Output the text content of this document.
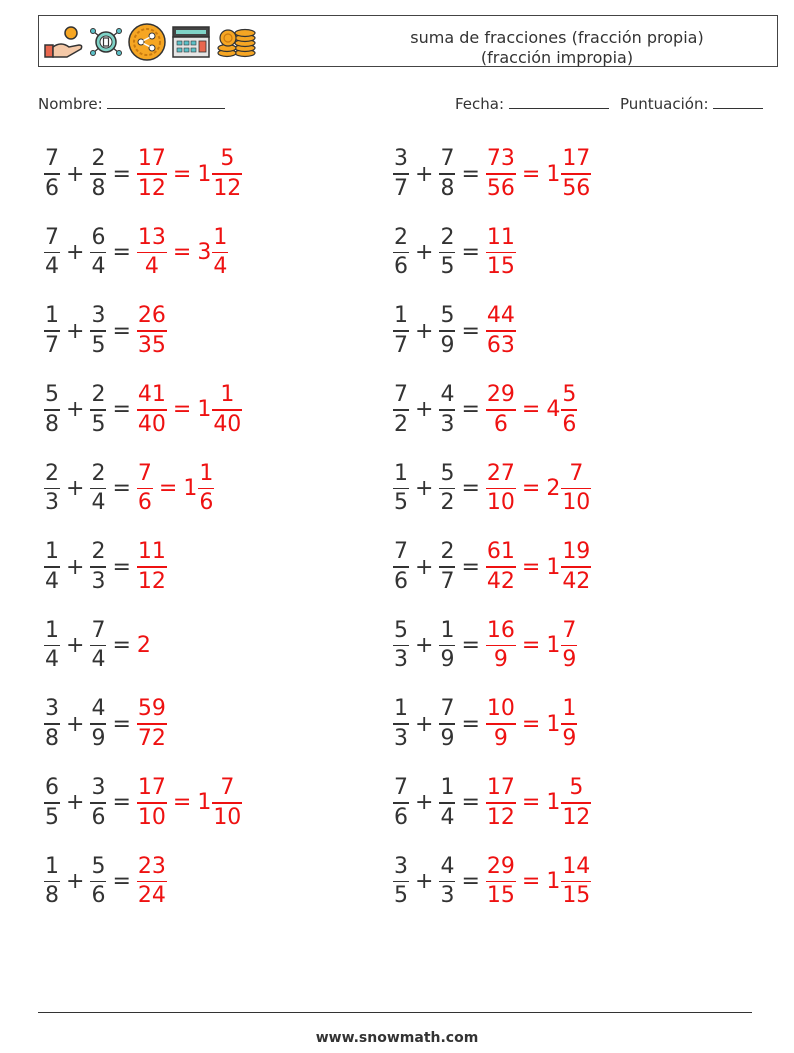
suma de fracciones (fracción propia)
(fracción impropia)
Nombre:	Fecha:	Puntuación:
$\frac{7}{6} + \frac{2}{8} = \frac{17}{12} = 1 \frac{5}{12}$	$\frac{3}{7} + \frac{7}{8} = \frac{73}{56} = 1 \frac{17}{56}$
$\frac{7}{4} + \frac{6}{4} = \frac{13}{4} = 3 \frac{1}{4}$	$\frac{2}{6} + \frac{2}{5} = \frac{11}{15}$
$\frac{1}{7} + \frac{3}{5} = \frac{26}{35}$	$\frac{1}{7} + \frac{5}{9} = \frac{44}{63}$
$\frac{5}{8} + \frac{2}{5} = \frac{41}{40} = 1 \frac{1}{40}$	$\frac{7}{2} + \frac{4}{3} = \frac{29}{6} = 4 \frac{5}{6}$
$\frac{2}{3} + \frac{2}{4} = \frac{7}{6} = 1 \frac{1}{6}$	$\frac{1}{5} + \frac{5}{2} = \frac{27}{10} = 2 \frac{7}{10}$
$\frac{1}{4} + \frac{2}{3} = \frac{11}{12}$	$\frac{7}{6} + \frac{2}{7} = \frac{61}{42} = 1 \frac{19}{42}$
$\frac{1}{4} + \frac{7}{4} = 2$	$\frac{5}{3} + \frac{1}{9} = \frac{16}{9} = 1 \frac{7}{9}$
$\frac{3}{8} + \frac{4}{9} = \frac{59}{72}$	$\frac{1}{3} + \frac{7}{9} = \frac{10}{9} = 1 \frac{1}{9}$
$\frac{6}{5} + \frac{3}{6} = \frac{17}{10} = 1 \frac{7}{10}$	$\frac{7}{6} + \frac{1}{4} = \frac{17}{12} = 1 \frac{5}{12}$
$\frac{1}{8} + \frac{5}{6} = \frac{23}{24}$	$\frac{3}{5} + \frac{4}{3} = \frac{29}{15} = 1 \frac{14}{15}$
www.snowmath.com
